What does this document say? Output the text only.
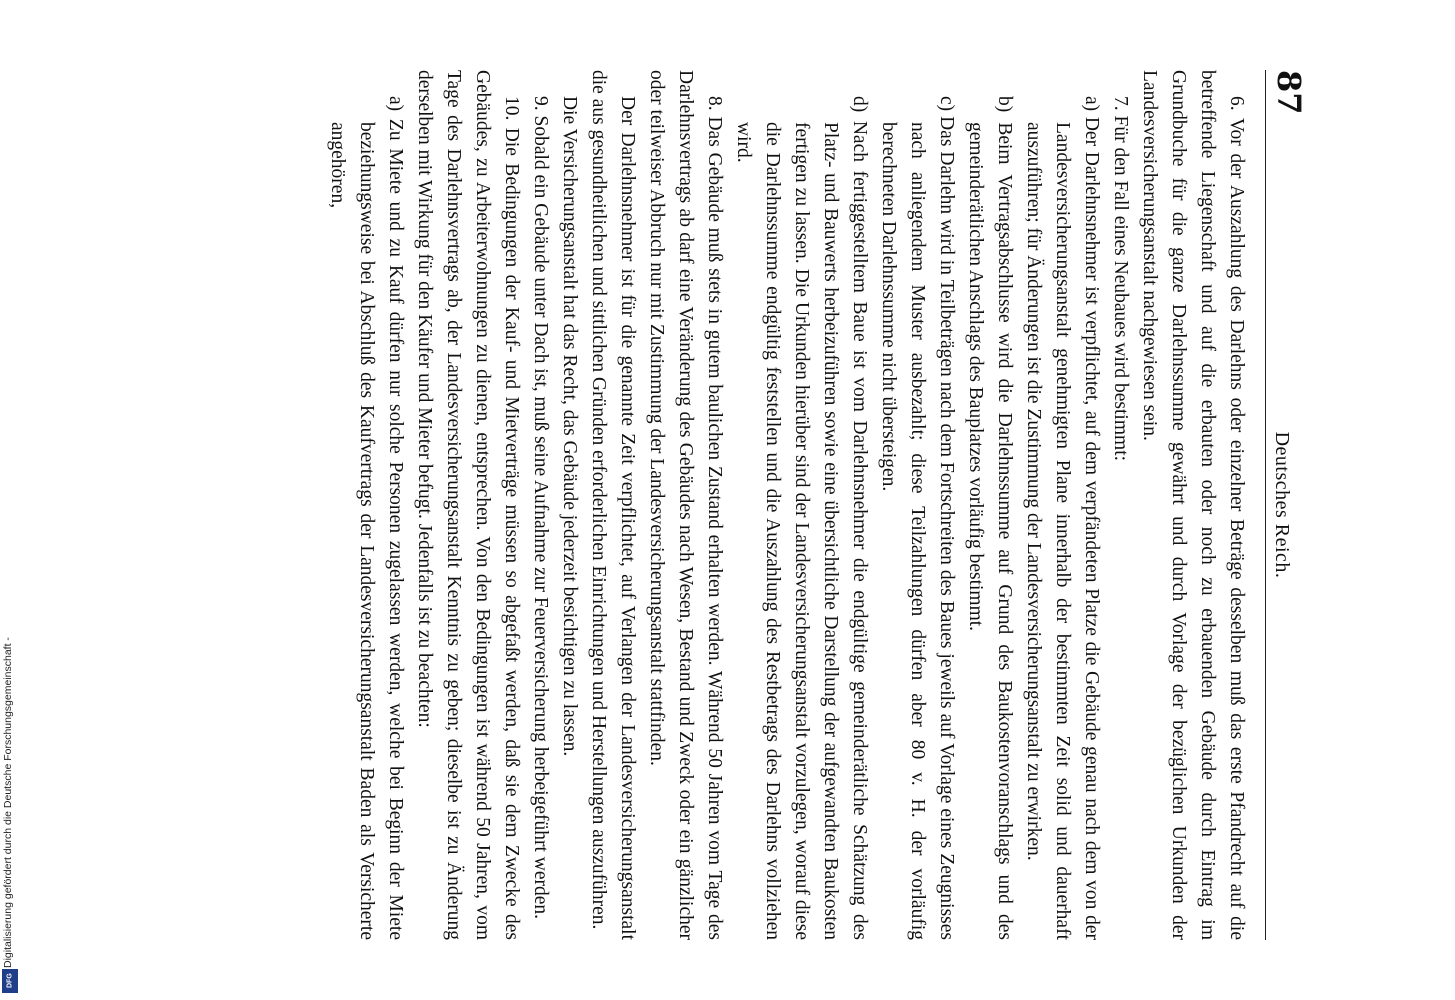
87
Deutsches Reich.

6. Vor der Auszahlung des Darlehns oder einzelner Beträge desselben muß das erste Pfandrecht auf die betreffende Liegenschaft und auf die erbauten oder noch zu erbauenden Gebäude durch Eintrag im Grundbuche für die ganze Darlehnssumme gewährt und durch Vorlage der bezüglichen Urkunden der Landesversicherungsanstalt nachgewiesen sein.

7. Für den Fall eines Neubaues wird bestimmt:

a) Der Darlehnsnehmer ist verpflichtet, auf dem verpfändeten Platze die Gebäude genau nach dem von der Landesversicherungsanstalt genehmigten Plane innerhalb der bestimmten Zeit solid und dauerhaft auszuführen; für Änderungen ist die Zustimmung der Landesversicherungsanstalt zu erwirken.

b) Beim Vertragsabschlusse wird die Darlehnssumme auf Grund des Baukostenvoranschlags und des gemeinderätlichen Anschlags des Bauplatzes vorläufig bestimmt.

c) Das Darlehn wird in Teilbeträgen nach dem Fortschreiten des Baues jeweils auf Vorlage eines Zeugnisses nach anliegendem Muster ausbezahlt; diese Teilzahlungen dürfen aber 80 v. H. der vorläufig berechneten Darlehnssumme nicht übersteigen.

d) Nach fertiggestelltem Baue ist vom Darlehnsnehmer die endgültige gemeinderätliche Schätzung des Platz- und Bauwerts herbeizuführen sowie eine übersichtliche Darstellung der aufgewandten Baukosten fertigen zu lassen. Die Urkunden hierüber sind der Landesversicherungsanstalt vorzulegen, worauf diese die Darlehnssumme endgültig feststellen und die Auszahlung des Restbetrags des Darlehns vollziehen wird.

8. Das Gebäude muß stets in gutem baulichen Zustand erhalten werden. Während 50 Jahren vom Tage des Darlehnsvertrags ab darf eine Veränderung des Gebäudes nach Wesen, Bestand und Zweck oder ein gänzlicher oder teilweiser Abbruch nur mit Zustimmung der Landesversicherungsanstalt stattfinden.

Der Darlehnsnehmer ist für die genannte Zeit verpflichtet, auf Verlangen der Landesversicherungsanstalt die aus gesundheitlichen und sittlichen Gründen erforderlichen Einrichtungen und Herstellungen auszuführen.

Die Versicherungsanstalt hat das Recht, das Gebäude jederzeit besichtigen zu lassen.

9. Sobald ein Gebäude unter Dach ist, muß seine Aufnahme zur Feuerversicherung herbeigeführt werden.

10. Die Bedingungen der Kauf- und Mietverträge müssen so abgefaßt werden, daß sie dem Zwecke des Gebäudes, zu Arbeiterwohnungen zu dienen, entsprechen. Von den Bedingungen ist während 50 Jahren, vom Tage des Darlehnsvertrags ab, der Landesversicherungsanstalt Kenntnis zu geben; dieselbe ist zu Änderung derselben mit Wirkung für den Käufer und Mieter befugt. Jedenfalls ist zu beachten:

a) Zu Miete und zu Kauf dürfen nur solche Personen zugelassen werden, welche bei Beginn der Miete beziehungsweise bei Abschluß des Kaufvertrags der Landesversicherungsanstalt Baden als Versicherte angehören,

Digitalisierung gefördert durch die Deutsche Forschungsgemeinschaft -
DFG
